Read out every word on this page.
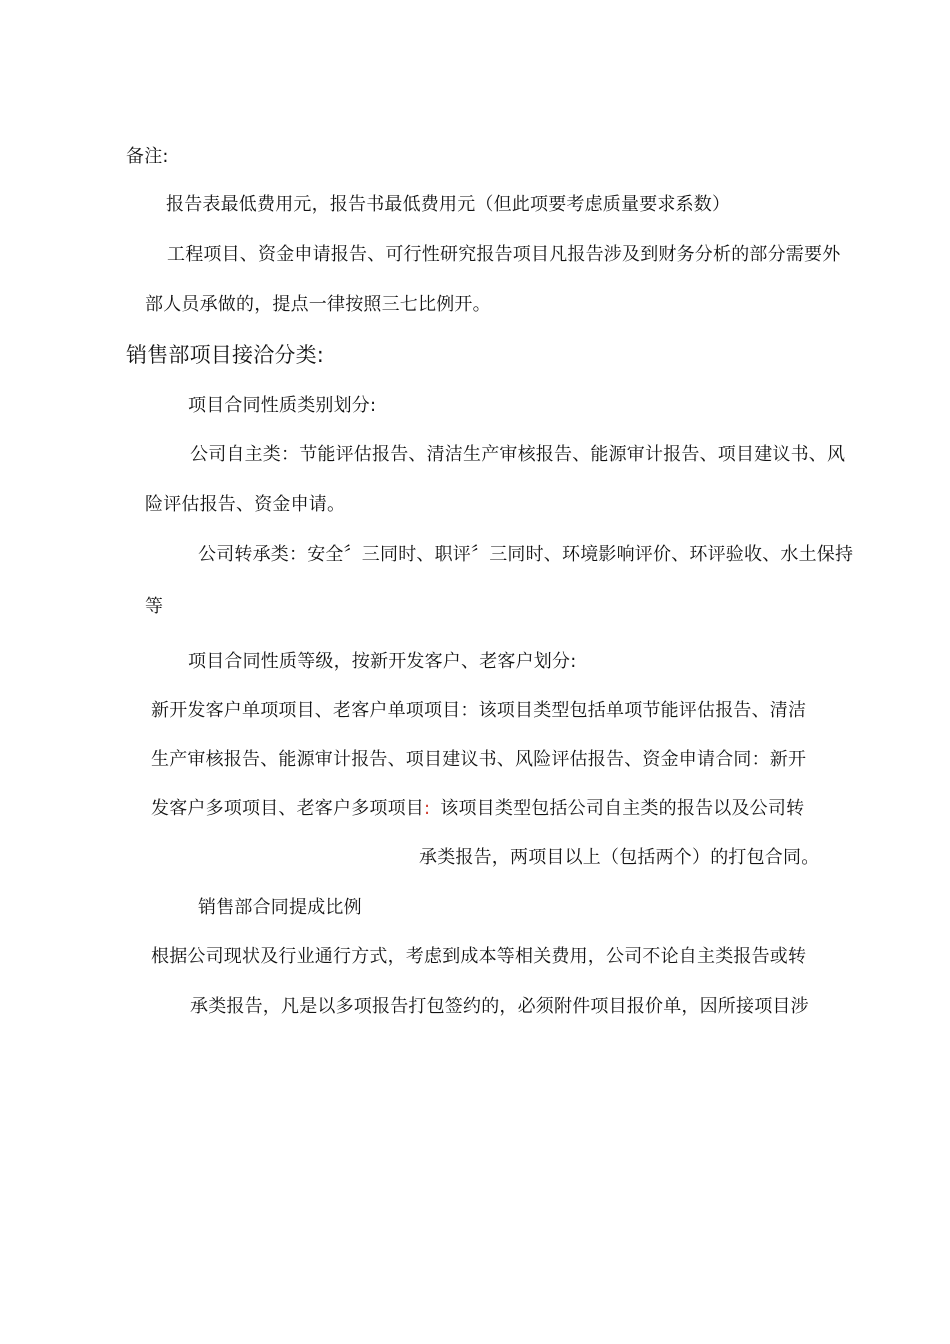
备注:

报告表最低费用元，报告书最低费用元（但此项要考虑质量要求系数）

工程项目、资金申请报告、可行性研究报告项目凡报告涉及到财务分析的部分需要外

部人员承做的，提点一律按照三七比例开。

销售部项目接洽分类:

项目合同性质类别划分:

公司自主类：节能评估报告、清洁生产审核报告、能源审计报告、项目建议书、风

险评估报告、资金申请。

公司转承类：安全〞三同时、职评〞三同时、环境影响评价、环评验收、水土保持

等

项目合同性质等级，按新开发客户、老客户划分:

新开发客户单项项目、老客户单项项目：该项目类型包括单项节能评估报告、清洁

生产审核报告、能源审计报告、项目建议书、风险评估报告、资金申请合同：新开

发客户多项项目、老客户多项项目: 该项目类型包括公司自主类的报告以及公司转

承类报告，两项目以上（包括两个）的打包合同。

销售部合同提成比例

根据公司现状及行业通行方式，考虑到成本等相关费用，公司不论自主类报告或转

承类报告，凡是以多项报告打包签约的，必须附件项目报价单，因所接项目涉
